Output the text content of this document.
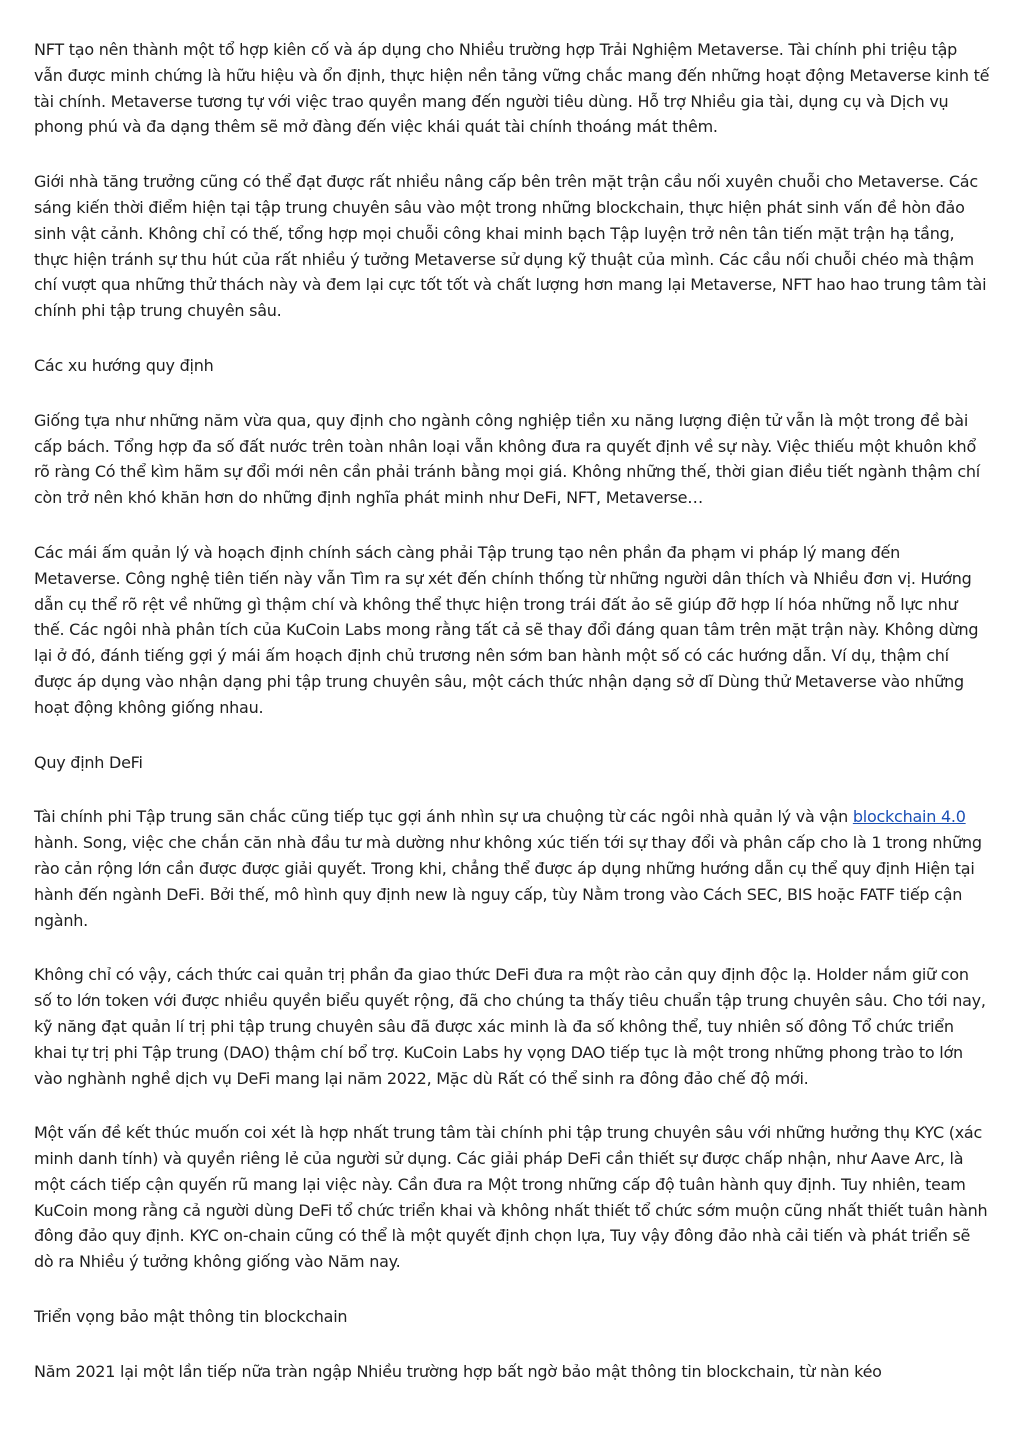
NFT tạo nên thành một tổ hợp kiên cố và áp dụng cho Nhiều trường hợp Trải Nghiệm Metaverse. Tài chính phi triệu tập vẫn được minh chứng là hữu hiệu và ổn định, thực hiện nền tảng vững chắc mang đến những hoạt động Metaverse kinh tế tài chính. Metaverse tương tự với việc trao quyền mang đến người tiêu dùng. Hỗ trợ Nhiều gia tài, dụng cụ và Dịch vụ phong phú và đa dạng thêm sẽ mở đàng đến việc khái quát tài chính thoáng mát thêm.

Giới nhà tăng trưởng cũng có thể đạt được rất nhiều nâng cấp bên trên mặt trận cầu nối xuyên chuỗi cho Metaverse. Các sáng kiến thời điểm hiện tại tập trung chuyên sâu vào một trong những blockchain, thực hiện phát sinh vấn đề hòn đảo sinh vật cảnh. Không chỉ có thế, tổng hợp mọi chuỗi công khai minh bạch Tập luyện trở nên tân tiến mặt trận hạ tầng, thực hiện tránh sự thu hút của rất nhiều ý tưởng Metaverse sử dụng kỹ thuật của mình. Các cầu nối chuỗi chéo mà thậm chí vượt qua những thử thách này và đem lại cực tốt tốt và chất lượng hơn mang lại Metaverse, NFT hao hao trung tâm tài chính phi tập trung chuyên sâu.

Các xu hướng quy định

Giống tựa như những năm vừa qua, quy định cho ngành công nghiệp tiền xu năng lượng điện tử vẫn là một trong đề bài cấp bách. Tổng hợp đa số đất nước trên toàn nhân loại vẫn không đưa ra quyết định về sự này. Việc thiếu một khuôn khổ rõ ràng Có thể kìm hãm sự đổi mới nên cần phải tránh bằng mọi giá. Không những thế, thời gian điều tiết ngành thậm chí còn trở nên khó khăn hơn do những định nghĩa phát minh như DeFi, NFT, Metaverse…

Các mái ấm quản lý và hoạch định chính sách càng phải Tập trung tạo nên phần đa phạm vi pháp lý mang đến Metaverse. Công nghệ tiên tiến này vẫn Tìm ra sự xét đến chính thống từ những người dân thích và Nhiều đơn vị. Hướng dẫn cụ thể rõ rệt về những gì thậm chí và không thể thực hiện trong trái đất ảo sẽ giúp đỡ hợp lí hóa những nỗ lực như thế. Các ngôi nhà phân tích của KuCoin Labs mong rằng tất cả sẽ thay đổi đáng quan tâm trên mặt trận này. Không dừng lại ở đó, đánh tiếng gợi ý mái ấm hoạch định chủ trương nên sớm ban hành một số có các hướng dẫn. Ví dụ, thậm chí được áp dụng vào nhận dạng phi tập trung chuyên sâu, một cách thức nhận dạng sở dĩ Dùng thử Metaverse vào những hoạt động không giống nhau.

Quy định DeFi

Tài chính phi Tập trung săn chắc cũng tiếp tục gợi ánh nhìn sự ưa chuộng từ các ngôi nhà quản lý và vận blockchain 4.0 hành. Song, việc che chắn căn nhà đầu tư mà dường như không xúc tiến tới sự thay đổi và phân cấp cho là 1 trong những rào cản rộng lớn cần được được giải quyết. Trong khi, chẳng thể được áp dụng những hướng dẫn cụ thể quy định Hiện tại hành đến ngành DeFi. Bởi thế, mô hình quy định new là nguy cấp, tùy Nằm trong vào Cách SEC, BIS hoặc FATF tiếp cận ngành.

Không chỉ có vậy, cách thức cai quản trị phần đa giao thức DeFi đưa ra một rào cản quy định độc lạ. Holder nắm giữ con số to lớn token với được nhiều quyền biểu quyết rộng, đã cho chúng ta thấy tiêu chuẩn tập trung chuyên sâu. Cho tới nay, kỹ năng đạt quản lí trị phi tập trung chuyên sâu đã được xác minh là đa số không thể, tuy nhiên số đông Tổ chức triển khai tự trị phi Tập trung (DAO) thậm chí bổ trợ. KuCoin Labs hy vọng DAO tiếp tục là một trong những phong trào to lớn vào nghành nghề dịch vụ DeFi mang lại năm 2022, Mặc dù Rất có thể sinh ra đông đảo chế độ mới.

Một vấn đề kết thúc muốn coi xét là hợp nhất trung tâm tài chính phi tập trung chuyên sâu với những hưởng thụ KYC (xác minh danh tính) và quyền riêng lẻ của người sử dụng. Các giải pháp DeFi cần thiết sự được chấp nhận, như Aave Arc, là một cách tiếp cận quyến rũ mang lại việc này. Cần đưa ra Một trong những cấp độ tuân hành quy định. Tuy nhiên, team KuCoin mong rằng cả người dùng DeFi tổ chức triển khai và không nhất thiết tổ chức sớm muộn cũng nhất thiết tuân hành đông đảo quy định. KYC on-chain cũng có thể là một quyết định chọn lựa, Tuy vậy đông đảo nhà cải tiến và phát triển sẽ dò ra Nhiều ý tưởng không giống vào Năm nay.

Triển vọng bảo mật thông tin blockchain

Năm 2021 lại một lần tiếp nữa tràn ngập Nhiều trường hợp bất ngờ bảo mật thông tin blockchain, từ nàn kéo
